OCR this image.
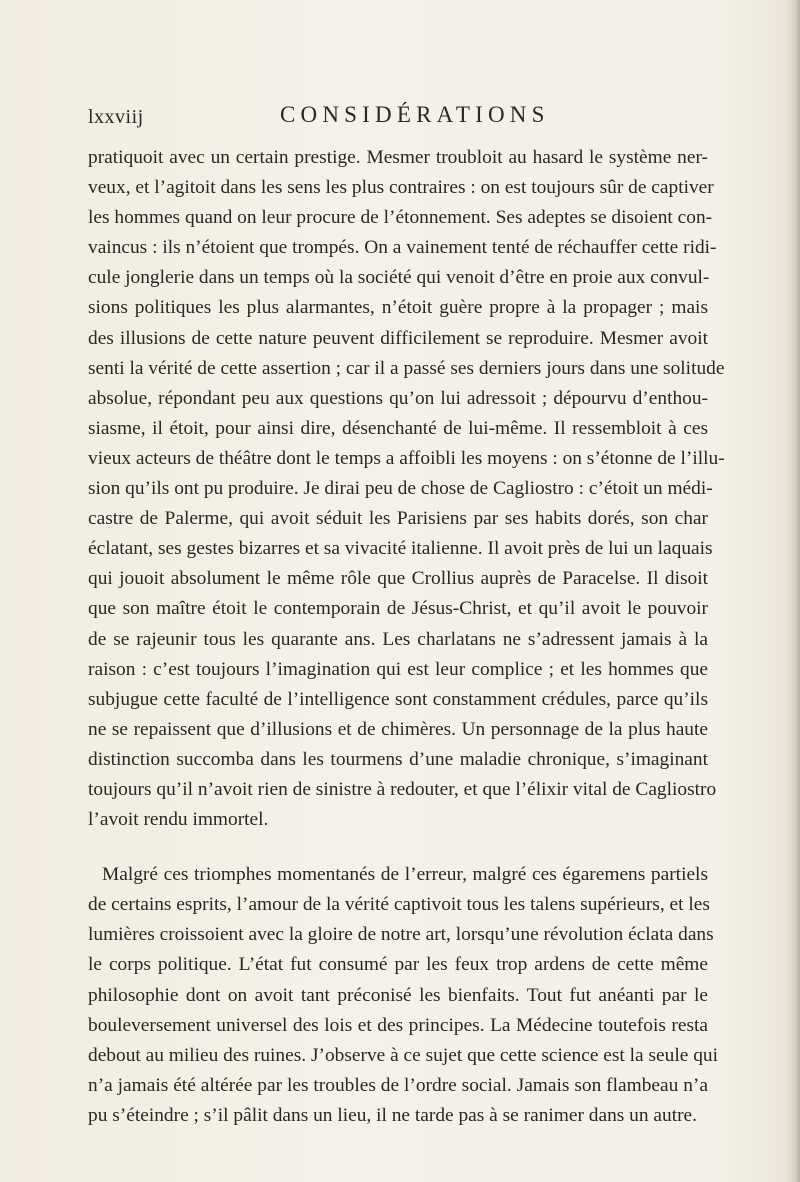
lxxviij	CONSIDÉRATIONS

pratiquoit avec un certain prestige. Mesmer troubloit au hasard le système ner-
veux, et l’agitoit dans les sens les plus contraires : on est toujours sûr de captiver
les hommes quand on leur procure de l’étonnement. Ses adeptes se disoient con-
vaincus : ils n’étoient que trompés. On a vainement tenté de réchauffer cette ridi-
cule jonglerie dans un temps où la société qui venoit d’être en proie aux convul-
sions politiques les plus alarmantes, n’étoit guère propre à la propager ; mais
des illusions de cette nature peuvent difficilement se reproduire. Mesmer avoit
senti la vérité de cette assertion ; car il a passé ses derniers jours dans une solitude
absolue, répondant peu aux questions qu’on lui adressoit ; dépourvu d’enthou-
siasme, il étoit, pour ainsi dire, désenchanté de lui-même. Il ressembloit à ces
vieux acteurs de théâtre dont le temps a affoibli les moyens : on s’étonne de l’illu-
sion qu’ils ont pu produire. Je dirai peu de chose de Cagliostro : c’étoit un médi-
castre de Palerme, qui avoit séduit les Parisiens par ses habits dorés, son char
éclatant, ses gestes bizarres et sa vivacité italienne. Il avoit près de lui un laquais
qui jouoit absolument le même rôle que Crollius auprès de Paracelse. Il disoit
que son maître étoit le contemporain de Jésus-Christ, et qu’il avoit le pouvoir
de se rajeunir tous les quarante ans. Les charlatans ne s’adressent jamais à la
raison : c’est toujours l’imagination qui est leur complice ; et les hommes que
subjugue cette faculté de l’intelligence sont constamment crédules, parce qu’ils
ne se repaissent que d’illusions et de chimères. Un personnage de la plus haute
distinction succomba dans les tourmens d’une maladie chronique, s’imaginant
toujours qu’il n’avoit rien de sinistre à redouter, et que l’élixir vital de Cagliostro
l’avoit rendu immortel.

Malgré ces triomphes momentanés de l’erreur, malgré ces égaremens partiels
de certains esprits, l’amour de la vérité captivoit tous les talens supérieurs, et les
lumières croissoient avec la gloire de notre art, lorsqu’une révolution éclata dans
le corps politique. L’état fut consumé par les feux trop ardens de cette même
philosophie dont on avoit tant préconisé les bienfaits. Tout fut anéanti par le
bouleversement universel des lois et des principes. La Médecine toutefois resta
debout au milieu des ruines. J’observe à ce sujet que cette science est la seule qui
n’a jamais été altérée par les troubles de l’ordre social. Jamais son flambeau n’a
pu s’éteindre ; s’il pâlit dans un lieu, il ne tarde pas à se ranimer dans un autre.
